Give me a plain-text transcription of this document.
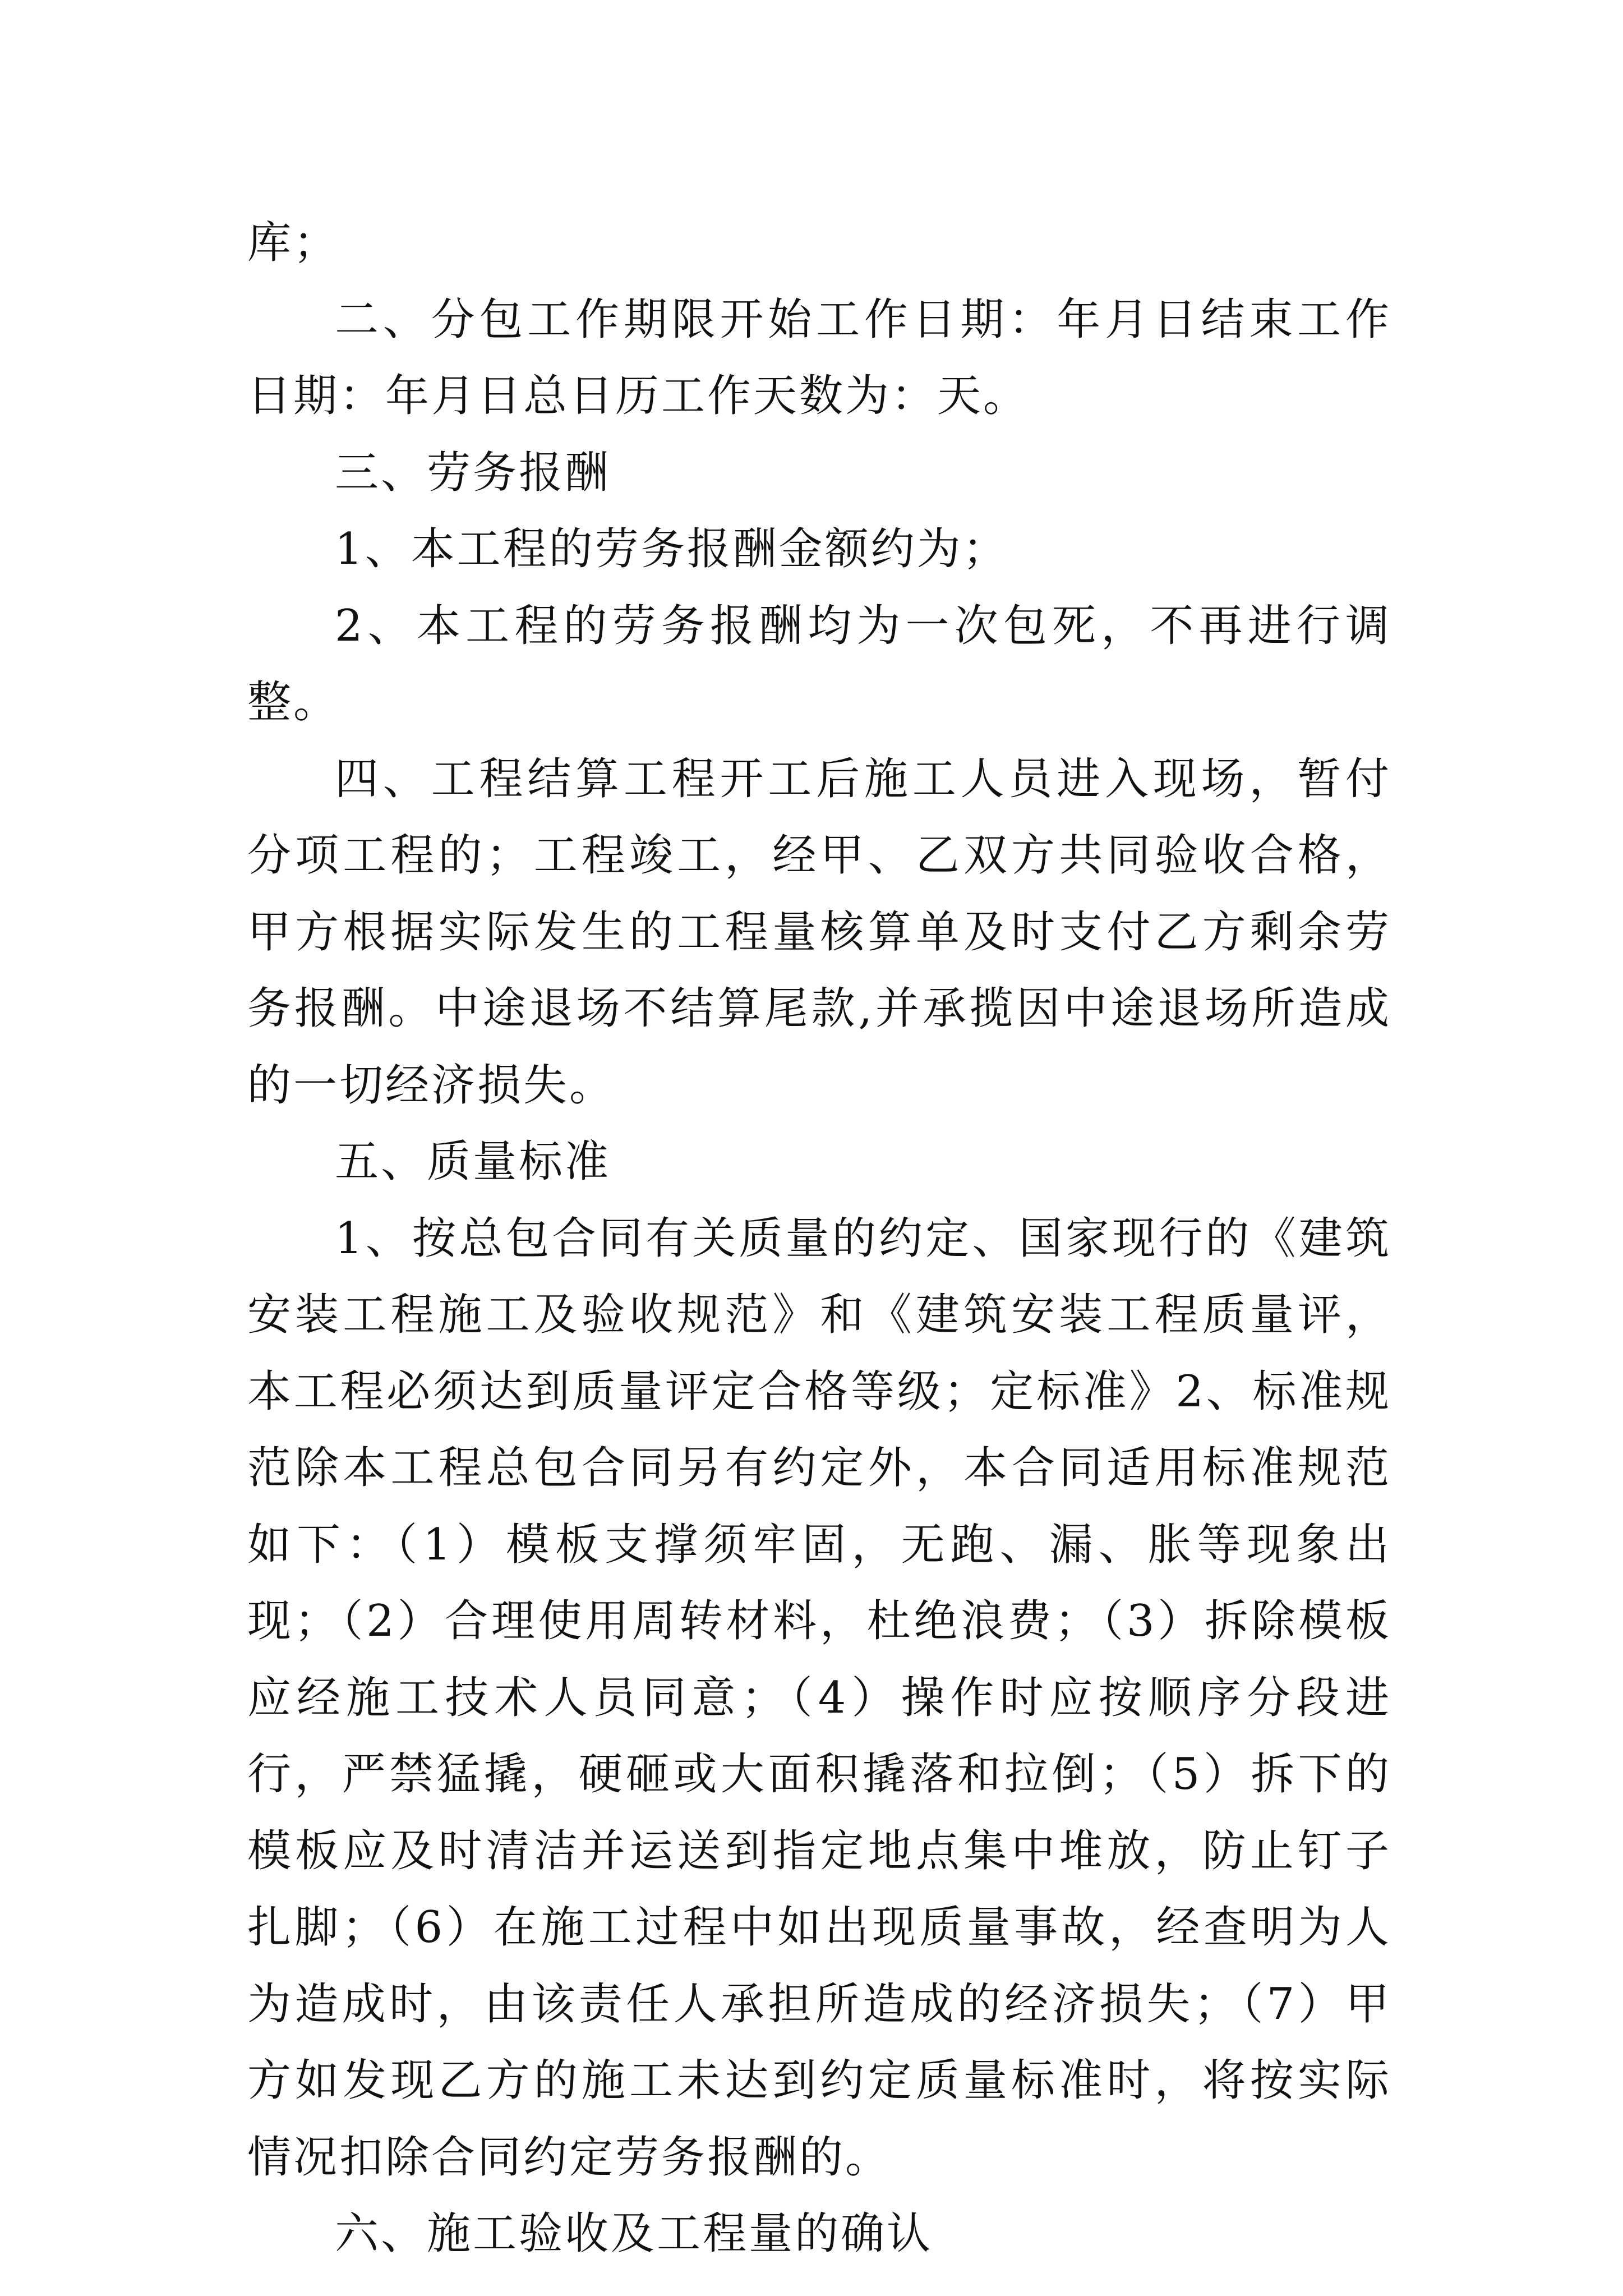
库；

二、分包工作期限开始工作日期：年月日结束工作日期：年月日总日历工作天数为：天。

三、劳务报酬

1、本工程的劳务报酬金额约为；

2、本工程的劳务报酬均为一次包死，不再进行调整。

四、工程结算工程开工后施工人员进入现场，暂付分项工程的；工程竣工，经甲、乙双方共同验收合格，甲方根据实际发生的工程量核算单及时支付乙方剩余劳务报酬。中途退场不结算尾款,并承揽因中途退场所造成的一切经济损失。

五、质量标准

1、按总包合同有关质量的约定、国家现行的《建筑安装工程施工及验收规范》和《建筑安装工程质量评，本工程必须达到质量评定合格等级；定标准》2、标准规范除本工程总包合同另有约定外，本合同适用标准规范如下：（1）模板支撑须牢固，无跑、漏、胀等现象出现；（2）合理使用周转材料，杜绝浪费；（3）拆除模板应经施工技术人员同意；（4）操作时应按顺序分段进行，严禁猛撬，硬砸或大面积撬落和拉倒；（5）拆下的模板应及时清洁并运送到指定地点集中堆放，防止钉子扎脚；（6）在施工过程中如出现质量事故，经查明为人为造成时，由该责任人承担所造成的经济损失；（7）甲方如发现乙方的施工未达到约定质量标准时，将按实际情况扣除合同约定劳务报酬的。

六、施工验收及工程量的确认
